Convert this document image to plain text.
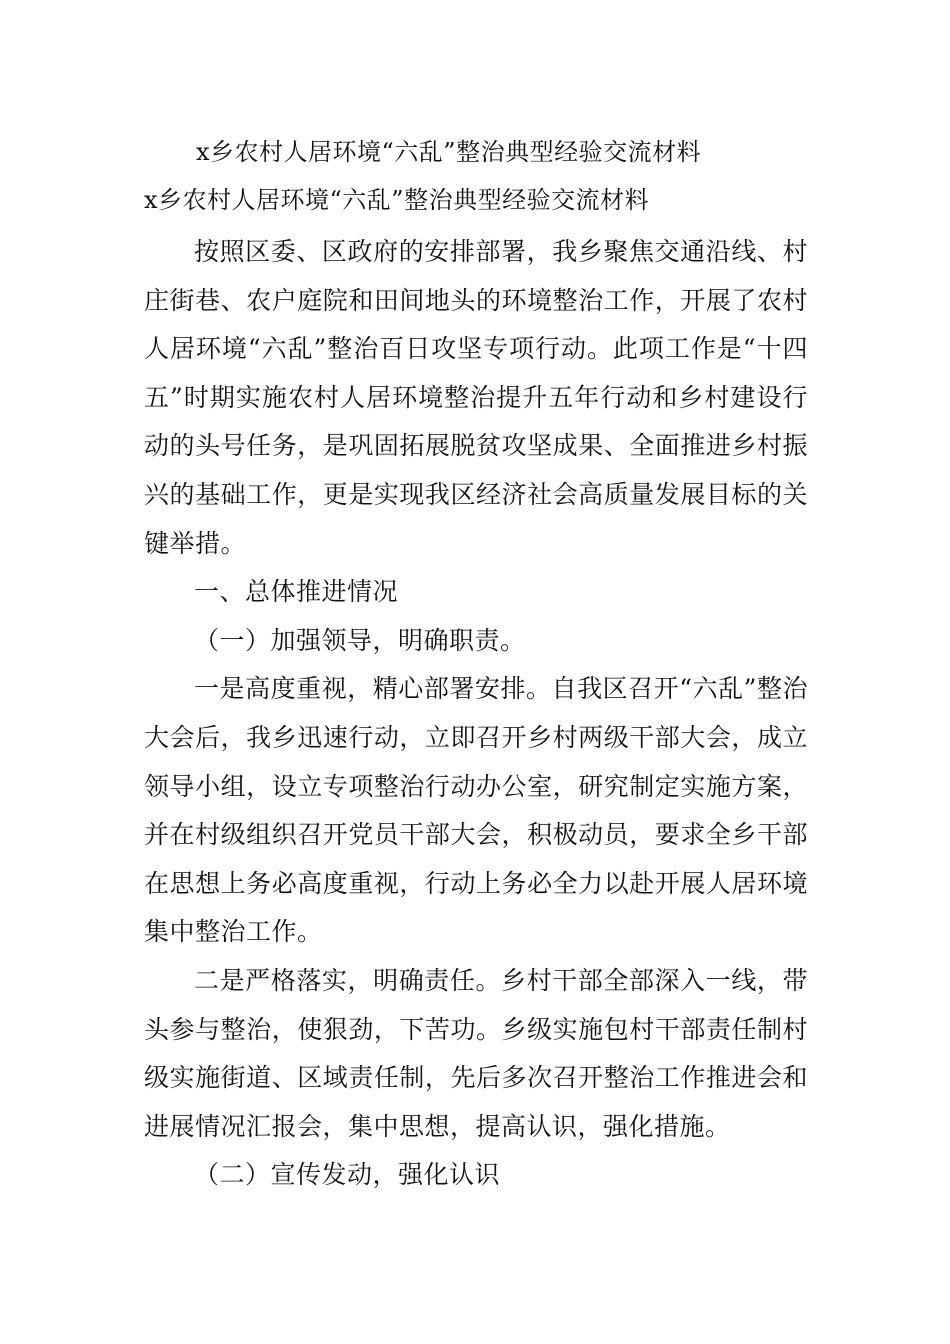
x乡农村人居环境“六乱”整治典型经验交流材料
x乡农村人居环境“六乱”整治典型经验交流材料

按照区委、区政府的安排部署，我乡聚焦交通沿线、村庄街巷、农户庭院和田间地头的环境整治工作，开展了农村人居环境“六乱”整治百日攻坚专项行动。此项工作是“十四五”时期实施农村人居环境整治提升五年行动和乡村建设行动的头号任务，是巩固拓展脱贫攻坚成果、全面推进乡村振兴的基础工作，更是实现我区经济社会高质量发展目标的关键举措。

一、总体推进情况

（一）加强领导，明确职责。

一是高度重视，精心部署安排。自我区召开“六乱”整治大会后，我乡迅速行动，立即召开乡村两级干部大会，成立领导小组，设立专项整治行动办公室，研究制定实施方案，并在村级组织召开党员干部大会，积极动员，要求全乡干部在思想上务必高度重视，行动上务必全力以赴开展人居环境集中整治工作。

二是严格落实，明确责任。乡村干部全部深入一线，带头参与整治，使狠劲，下苦功。乡级实施包村干部责任制村级实施街道、区域责任制，先后多次召开整治工作推进会和进展情况汇报会，集中思想，提高认识，强化措施。

（二）宣传发动，强化认识
